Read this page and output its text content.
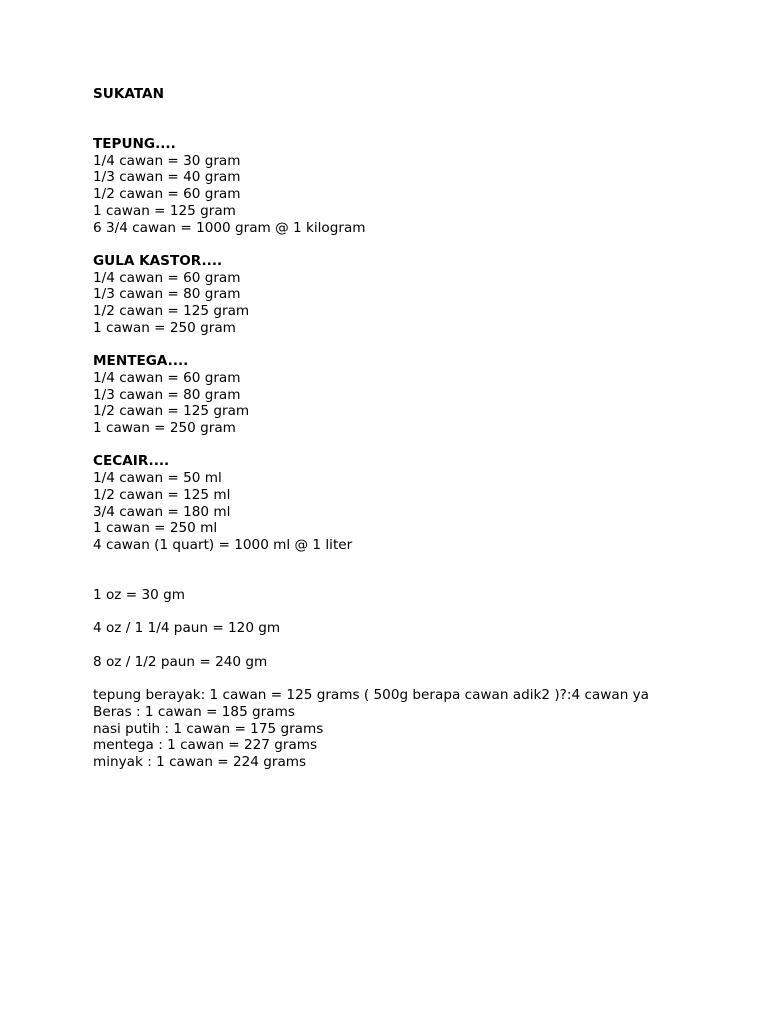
SUKATAN

TEPUNG....

1/4 cawan = 30 gram

1/3 cawan = 40 gram

1/2 cawan = 60 gram

1 cawan = 125 gram

6 3/4 cawan = 1000 gram @ 1 kilogram

GULA KASTOR....

1/4 cawan = 60 gram

1/3 cawan = 80 gram

1/2 cawan = 125 gram

1 cawan = 250 gram

MENTEGA....

1/4 cawan = 60 gram

1/3 cawan = 80 gram

1/2 cawan = 125 gram

1 cawan = 250 gram

CECAIR....

1/4 cawan = 50 ml

1/2 cawan = 125 ml

3/4 cawan = 180 ml

1 cawan = 250 ml

4 cawan (1 quart) = 1000 ml @ 1 liter

1 oz = 30 gm

4 oz / 1 1/4 paun = 120 gm

8 oz / 1/2 paun = 240 gm

tepung berayak: 1 cawan = 125 grams ( 500g berapa cawan adik2 )?:4 cawan ya

Beras : 1 cawan = 185 grams

nasi putih : 1 cawan = 175 grams

mentega : 1 cawan = 227 grams

minyak : 1 cawan = 224 grams
